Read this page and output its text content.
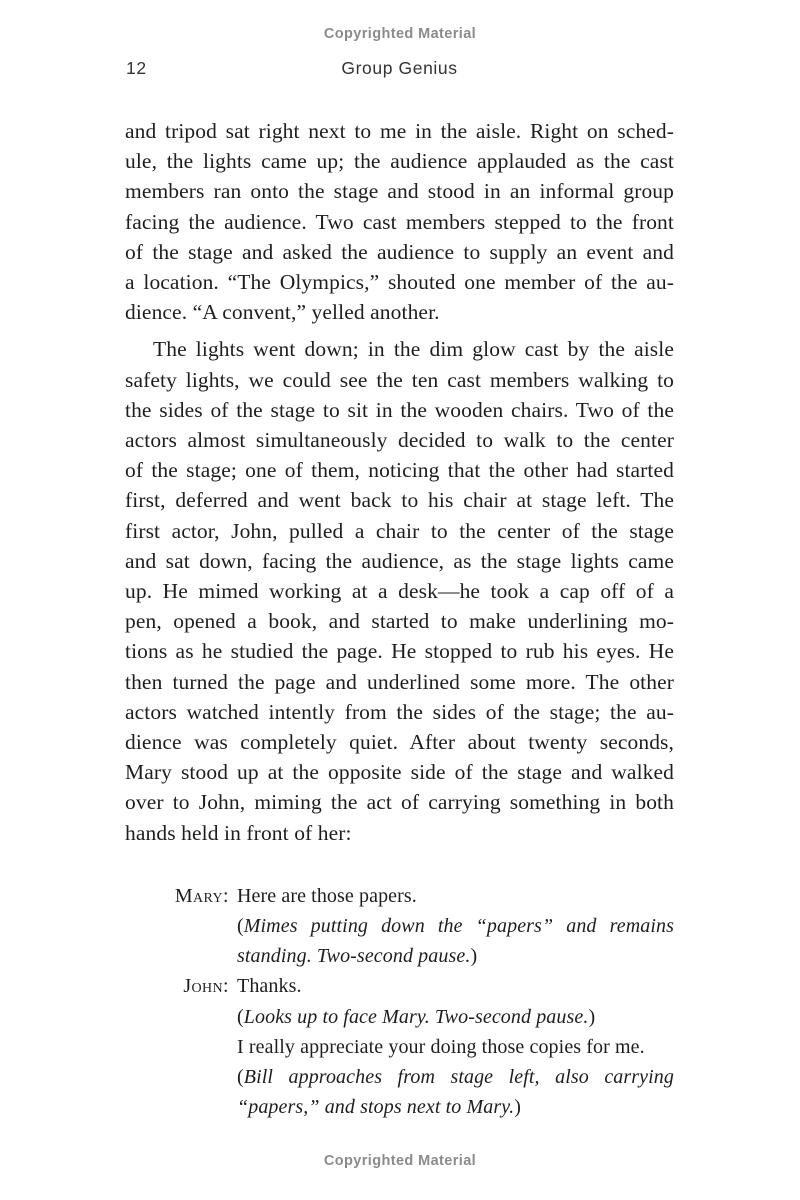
Copyrighted Material
12	Group Genius
and tripod sat right next to me in the aisle. Right on sched-
ule, the lights came up; the audience applauded as the cast
members ran onto the stage and stood in an informal group
facing the audience. Two cast members stepped to the front
of the stage and asked the audience to supply an event and
a location. “The Olympics,” shouted one member of the au-
dience. “A convent,” yelled another.
The lights went down; in the dim glow cast by the aisle
safety lights, we could see the ten cast members walking to
the sides of the stage to sit in the wooden chairs. Two of the
actors almost simultaneously decided to walk to the center
of the stage; one of them, noticing that the other had started
first, deferred and went back to his chair at stage left. The
first actor, John, pulled a chair to the center of the stage
and sat down, facing the audience, as the stage lights came
up. He mimed working at a desk—he took a cap off of a
pen, opened a book, and started to make underlining mo-
tions as he studied the page. He stopped to rub his eyes. He
then turned the page and underlined some more. The other
actors watched intently from the sides of the stage; the au-
dience was completely quiet. After about twenty seconds,
Mary stood up at the opposite side of the stage and walked
over to John, miming the act of carrying something in both
hands held in front of her:
Mary: Here are those papers.
(Mimes putting down the “papers” and remains
standing. Two-second pause.)
John: Thanks.
(Looks up to face Mary. Two-second pause.)
I really appreciate your doing those copies for me.
(Bill approaches from stage left, also carrying
“papers,” and stops next to Mary.)
Copyrighted Material
